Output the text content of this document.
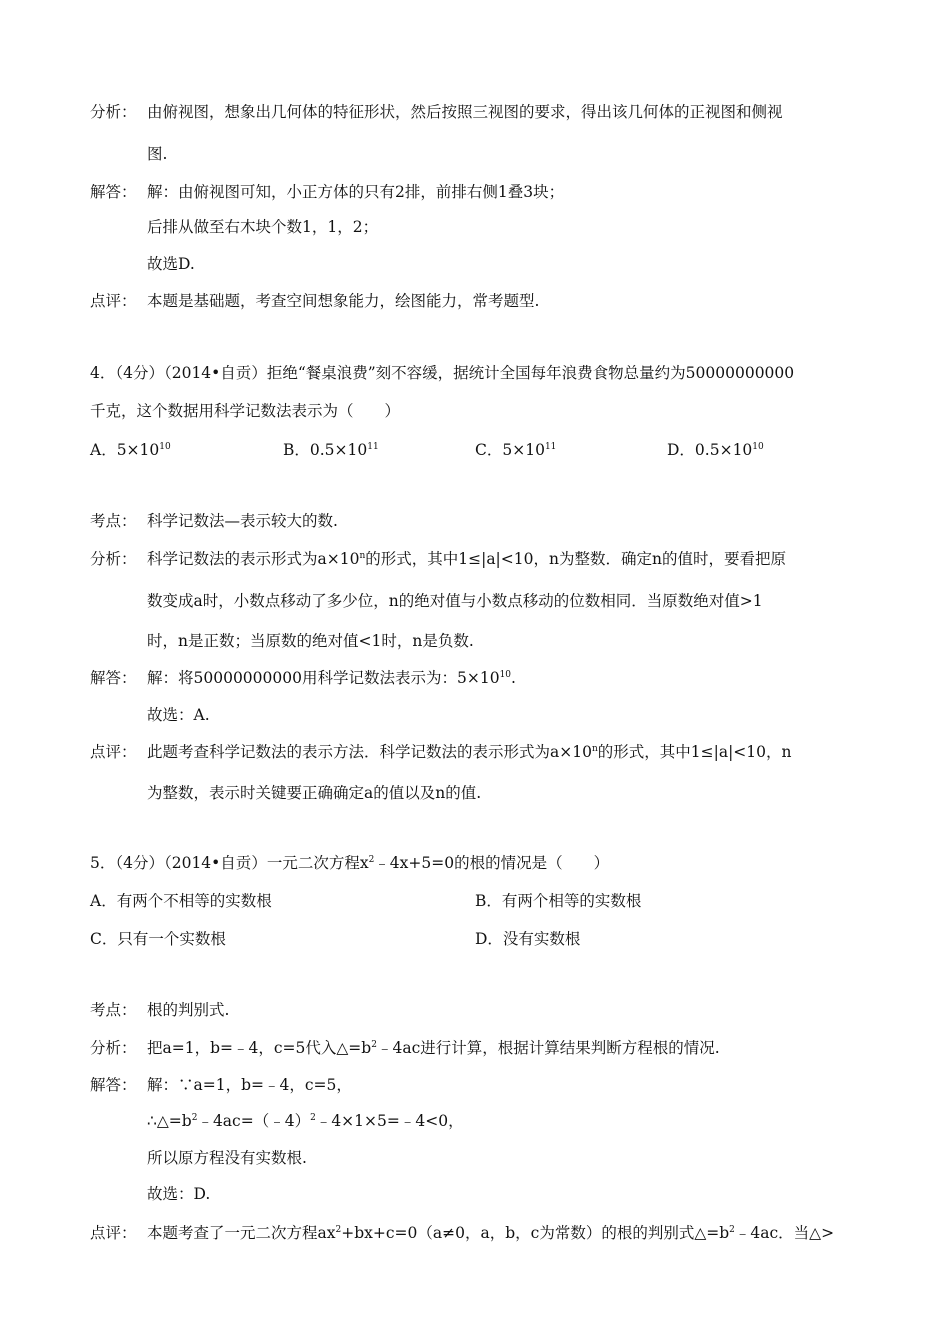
分析： 由俯视图，想象出几何体的特征形状，然后按照三视图的要求，得出该几何体的正视图和侧视
图.
解答： 解：由俯视图可知，小正方体的只有2排，前排右侧1叠3块；
后排从做至右木块个数1，1，2；
故选D.
点评： 本题是基础题，考查空间想象能力，绘图能力，常考题型.
4．（4分）（2014•自贡）拒绝“餐桌浪费”刻不容缓，据统计全国每年浪费食物总量约为50000000000
千克，这个数据用科学记数法表示为（　　）
A．$5\times 10^{10}$	B．$0.5\times 10^{11}$	C．$5\times 10^{11}$	D．$0.5\times 10^{10}$
考点： 科学记数法—表示较大的数.
分析： 科学记数法的表示形式为$a\times 10^n$的形式，其中1≤|a|<10，n为整数．确定n的值时，要看把原
数变成a时，小数点移动了多少位，n的绝对值与小数点移动的位数相同．当原数绝对值>1
时，n是正数；当原数的绝对值<1时，n是负数.
解答： 解：将50000000000用科学记数法表示为：$5\times 10^{10}$.
故选：A.
点评： 此题考查科学记数法的表示方法．科学记数法的表示形式为$a\times 10^n$的形式，其中1≤|a|<10，n
为整数，表示时关键要正确确定a的值以及n的值.
5．（4分）（2014•自贡）一元二次方程$x^2﹣4x+5=0$的根的情况是（　　）
A．有两个不相等的实数根	B．有两个相等的实数根
C．只有一个实数根	D．没有实数根
考点： 根的判别式.
分析： 把a=1，b=﹣4，c=5代入$\triangle=b^2﹣4ac$进行计算，根据计算结果判断方程根的情况.
解答： 解：∵a=1，b=﹣4，c=5，
$\therefore\triangle=b^2﹣4ac=(﹣4)^2﹣4\times 1\times 5=﹣4<0$，
所以原方程没有实数根.
故选：D.
点评： 本题考查了一元二次方程$ax^2+bx+c=0(a\ne 0$，a，b，c为常数）的根的判别式$\triangle=b^2﹣4ac$．当△>
